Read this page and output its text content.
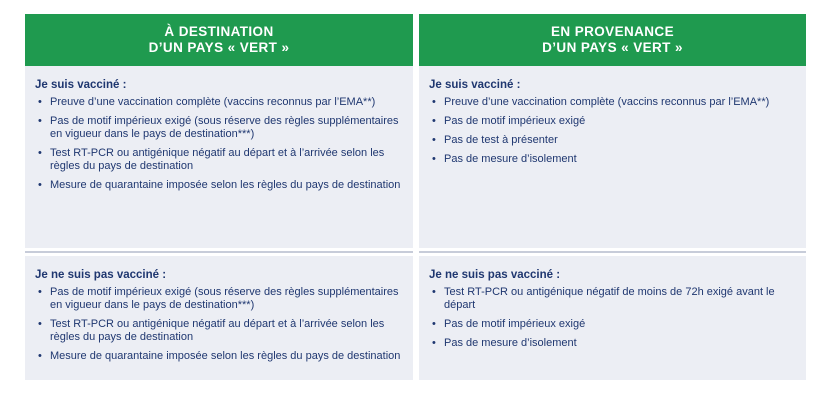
À DESTINATION
D’UN PAYS « VERT »
Je suis vacciné :
• Preuve d’une vaccination complète (vaccins reconnus par l’EMA**)
• Pas de motif impérieux exigé (sous réserve des règles supplémentaires en vigueur dans le pays de destination***)
• Test RT-PCR ou antigénique négatif au départ et à l’arrivée selon les règles du pays de destination
• Mesure de quarantaine imposée selon les règles du pays de destination
Je ne suis pas vacciné :
• Pas de motif impérieux exigé (sous réserve des règles supplémentaires en vigueur dans le pays de destination***)
• Test RT-PCR ou antigénique négatif au départ et à l’arrivée selon les règles du pays de destination
• Mesure de quarantaine imposée selon les règles du pays de destination
EN PROVENANCE
D’UN PAYS « VERT »
Je suis vacciné :
• Preuve d’une vaccination complète (vaccins reconnus par l’EMA**)
• Pas de motif impérieux exigé
• Pas de test à présenter
• Pas de mesure d’isolement
Je ne suis pas vacciné :
• Test RT-PCR ou antigénique négatif de moins de 72h exigé avant le départ
• Pas de motif impérieux exigé
• Pas de mesure d’isolement
